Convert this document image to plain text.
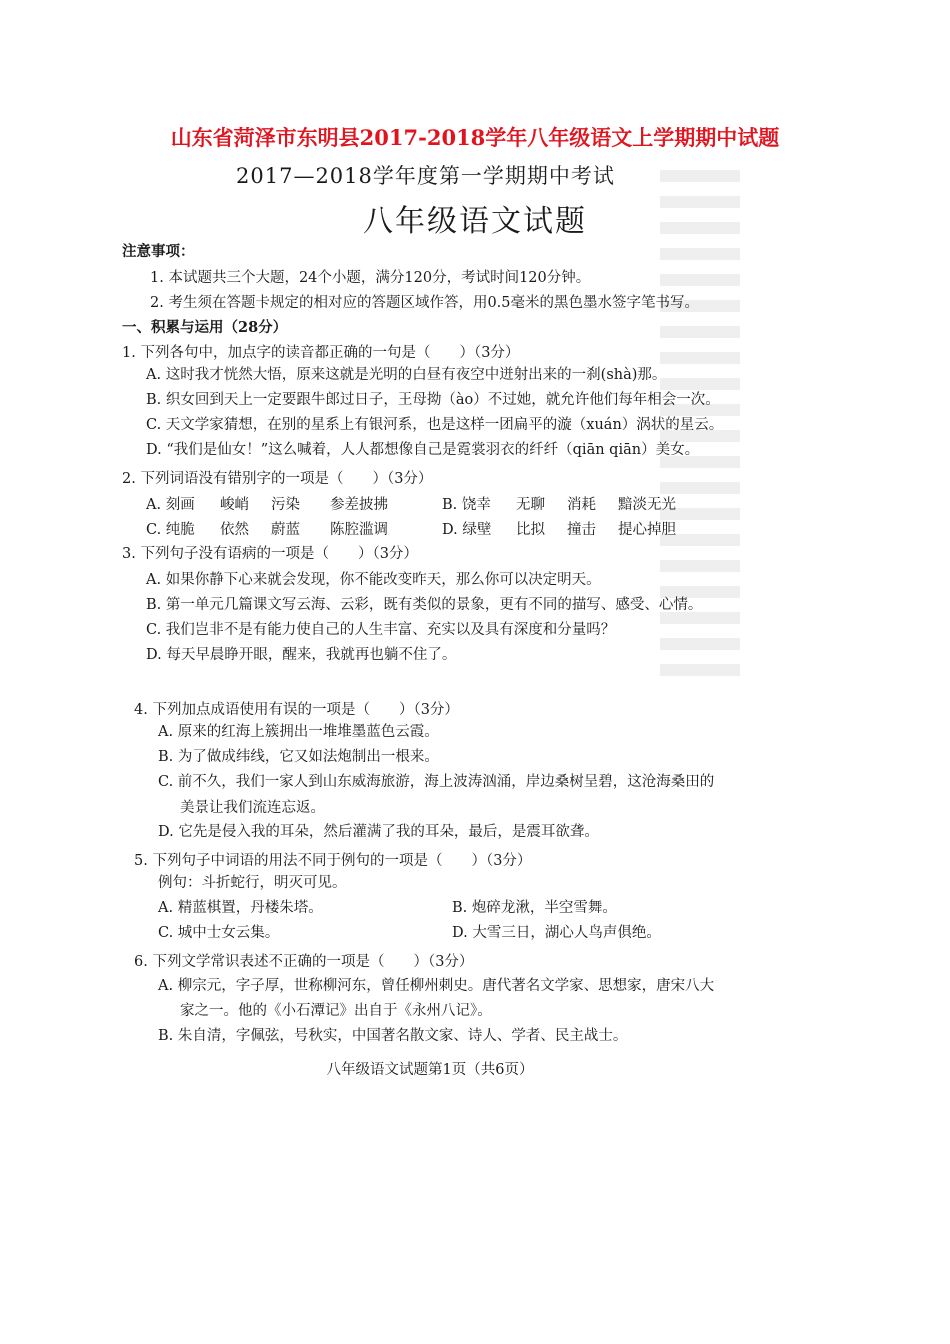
山东省菏泽市东明县2017-2018学年八年级语文上学期期中试题
2017—2018学年度第一学期期中考试
八年级语文试题
注意事项：
1. 本试题共三个大题，24个小题，满分120分，考试时间120分钟。
2. 考生须在答题卡规定的相对应的答题区域作答，用0.5毫米的黑色墨水签字笔书写。
一、积累与运用（28分）
1. 下列各句中，加点字的读音都正确的一句是（　　）（3分）
A. 这时我才恍然大悟，原来这就是光明的白昼有夜空中迸射出来的一刹(shà)那。
B. 织女回到天上一定要跟牛郎过日子，王母拗（ào）不过她，就允许他们每年相会一次。
C. 天文学家猜想，在别的星系上有银河系，也是这样一团扁平的漩（xuán）涡状的星云。
D. “我们是仙女！”这么喊着，人人都想像自己是霓裳羽衣的纤纤（qiān qiān）美女。
2. 下列词语没有错别字的一项是（　　）（3分）
A. 刻画 峻峭 污染 参差披拂	B. 饶幸 无聊 消耗 黯淡无光
C. 纯脆 依然 蔚蓝 陈腔滥调	D. 绿壁 比拟 撞击 提心掉胆
3. 下列句子没有语病的一项是（　　）（3分）
A. 如果你静下心来就会发现，你不能改变昨天，那么你可以决定明天。
B. 第一单元几篇课文写云海、云彩，既有类似的景象，更有不同的描写、感受、心情。
C. 我们岂非不是有能力使自己的人生丰富、充实以及具有深度和分量吗？
D. 每天早晨睁开眼，醒来，我就再也躺不住了。
4. 下列加点成语使用有误的一项是（　　）（3分）
A. 原来的红海上簇拥出一堆堆墨蓝色云霞。
B. 为了做成纬线，它又如法炮制出一根来。
C. 前不久，我们一家人到山东威海旅游，海上波涛汹涌，岸边桑树呈碧，这沧海桑田的
美景让我们流连忘返。
D. 它先是侵入我的耳朵，然后灌满了我的耳朵，最后，是震耳欲聋。
5. 下列句子中词语的用法不同于例句的一项是（　　）（3分）
例句：斗折蛇行，明灭可见。
A. 精蓝棋置，丹楼朱塔。	B. 炮碎龙湫，半空雪舞。
C. 城中士女云集。	D. 大雪三日，湖心人鸟声俱绝。
6. 下列文学常识表述不正确的一项是（　　）（3分）
A. 柳宗元，字子厚，世称柳河东，曾任柳州刺史。唐代著名文学家、思想家，唐宋八大
家之一。他的《小石潭记》出自于《永州八记》。
B. 朱自清，字佩弦，号秋实，中国著名散文家、诗人、学者、民主战士。
八年级语文试题第1页（共6页）
